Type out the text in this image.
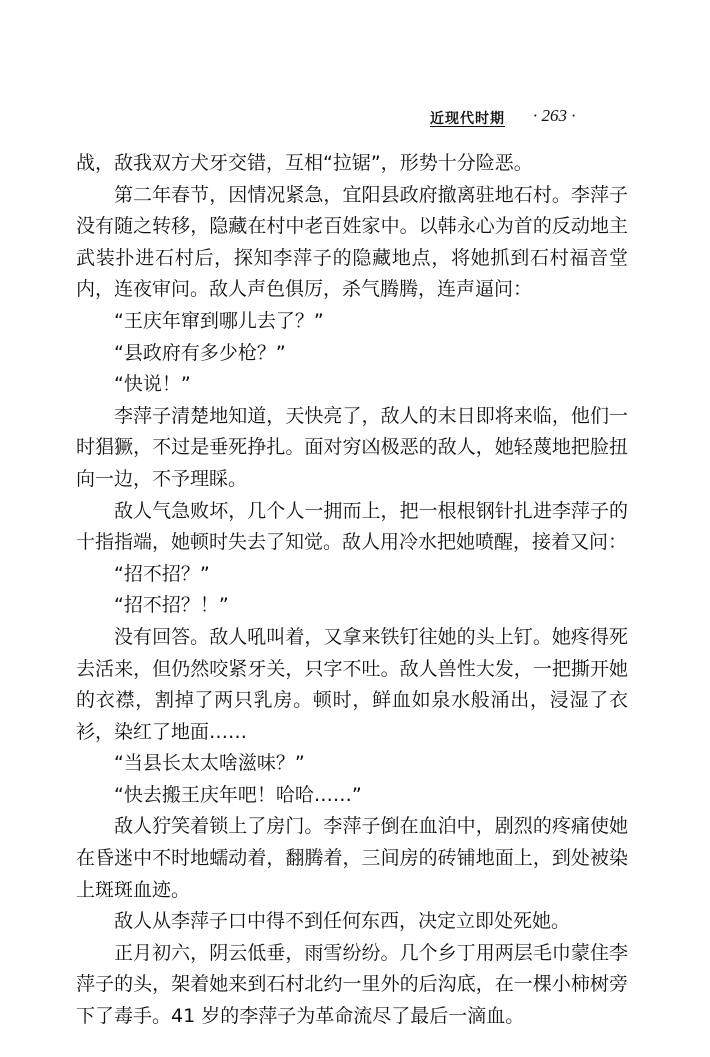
近现代时期 · 263 ·

战，敌我双方犬牙交错，互相“拉锯”，形势十分险恶。

第二年春节，因情况紧急，宜阳县政府撤离驻地石村。李萍子没有随之转移，隐藏在村中老百姓家中。以韩永心为首的反动地主武装扑进石村后，探知李萍子的隐藏地点，将她抓到石村福音堂内，连夜审问。敌人声色俱厉，杀气腾腾，连声逼问：

“王庆年窜到哪儿去了？”

“县政府有多少枪？”

“快说！”

李萍子清楚地知道，天快亮了，敌人的末日即将来临，他们一时猖獗，不过是垂死挣扎。面对穷凶极恶的敌人，她轻蔑地把脸扭向一边，不予理睬。

敌人气急败坏，几个人一拥而上，把一根根钢针扎进李萍子的十指指端，她顿时失去了知觉。敌人用冷水把她喷醒，接着又问：

“招不招？”

“招不招？！”

没有回答。敌人吼叫着，又拿来铁钉往她的头上钉。她疼得死去活来，但仍然咬紧牙关，只字不吐。敌人兽性大发，一把撕开她的衣襟，割掉了两只乳房。顿时，鲜血如泉水般涌出，浸湿了衣衫，染红了地面……

“当县长太太啥滋味？”

“快去搬王庆年吧！哈哈……”

敌人狞笑着锁上了房门。李萍子倒在血泊中，剧烈的疼痛使她在昏迷中不时地蠕动着，翻腾着，三间房的砖铺地面上，到处被染上斑斑血迹。

敌人从李萍子口中得不到任何东西，决定立即处死她。

正月初六，阴云低垂，雨雪纷纷。几个乡丁用两层毛巾蒙住李萍子的头，架着她来到石村北约一里外的后沟底，在一棵小柿树旁下了毒手。41 岁的李萍子为革命流尽了最后一滴血。
